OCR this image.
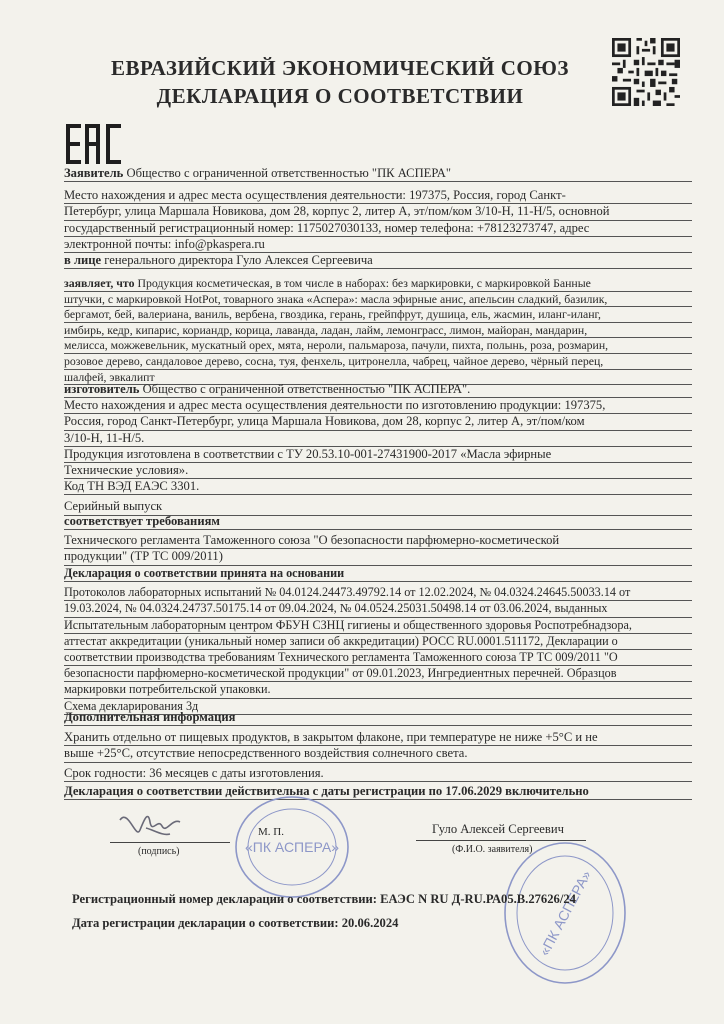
ЕВРАЗИЙСКИЙ ЭКОНОМИЧЕСКИЙ СОЮЗ
ДЕКЛАРАЦИЯ О СООТВЕТСТВИИ

Заявитель Общество с ограниченной ответственностью "ПК АСПЕРА"

Место нахождения и адрес места осуществления деятельности: 197375, Россия, город Санкт-

Петербург, улица Маршала Новикова, дом 28, корпус 2, литер А, эт/пом/ком 3/10-Н, 11-Н/5, основной

государственный регистрационный номер: 1175027030133, номер телефона: +78123273747, адрес

электронной почты: info@pkaspera.ru

в лице генерального директора Гуло Алексея Сергеевича

заявляет, что Продукция косметическая, в том числе в наборах: без маркировки, с маркировкой Банные

штучки, с маркировкой HotPot, товарного знака «Аспера»: масла эфирные анис, апельсин сладкий, базилик,

бергамот, бей, валериана, ваниль, вербена, гвоздика, герань, грейпфрут, душица, ель, жасмин, иланг-иланг,

имбирь, кедр, кипарис, кориандр, корица, лаванда, ладан, лайм, лемонграсс, лимон, майоран, мандарин,

мелисса, можжевельник, мускатный орех, мята, нероли, пальмароза, пачули, пихта, полынь, роза, розмарин,

розовое дерево, сандаловое дерево, сосна, туя, фенхель, цитронелла, чабрец, чайное дерево, чёрный перец,

шалфей, эвкалипт

изготовитель Общество с ограниченной ответственностью "ПК АСПЕРА".

Место нахождения и адрес места осуществления деятельности по изготовлению продукции: 197375,

Россия, город Санкт-Петербург, улица Маршала Новикова, дом 28, корпус 2, литер А, эт/пом/ком

3/10-Н, 11-Н/5.

Продукция изготовлена в соответствии с ТУ 20.53.10-001-27431900-2017 «Масла эфирные

Технические условия».

Код ТН ВЭД ЕАЭС 3301.

Серийный выпуск

соответствует требованиям

Технического регламента Таможенного союза "О безопасности парфюмерно-косметической

продукции" (ТР ТС 009/2011)

Декларация о соответствии принята на основании

Протоколов лабораторных испытаний № 04.0124.24473.49792.14 от 12.02.2024, № 04.0324.24645.50033.14 от

19.03.2024, № 04.0324.24737.50175.14 от 09.04.2024, № 04.0524.25031.50498.14 от 03.06.2024, выданных

Испытательным лабораторным центром ФБУН СЗНЦ гигиены и общественного здоровья Роспотребнадзора,

аттестат аккредитации (уникальный номер записи об аккредитации) РОСС RU.0001.511172, Декларации о

соответствии производства требованиям Технического регламента Таможенного союза ТР ТС 009/2011 "О

безопасности парфюмерно-косметической продукции" от 09.01.2023, Ингредиентных перечней. Образцов

маркировки потребительской упаковки.

Схема декларирования 3д

Дополнительная информация

Хранить отдельно от пищевых продуктов, в закрытом флаконе, при температуре не ниже +5°С и не

выше +25°С, отсутствие непосредственного воздействия солнечного света.

Срок годности: 36 месяцев с даты изготовления.

Декларация о соответствии действительна с даты регистрации по 17.06.2029 включительно

(подпись)
М. П.
«ПК АСПЕРА»
Гуло Алексей Сергеевич
(Ф.И.О. заявителя)
«ПК АСПЕРА»
Регистрационный номер декларации о соответствии: ЕАЭС N RU Д-RU.РА05.В.27626/24
Дата регистрации декларации о соответствии: 20.06.2024
